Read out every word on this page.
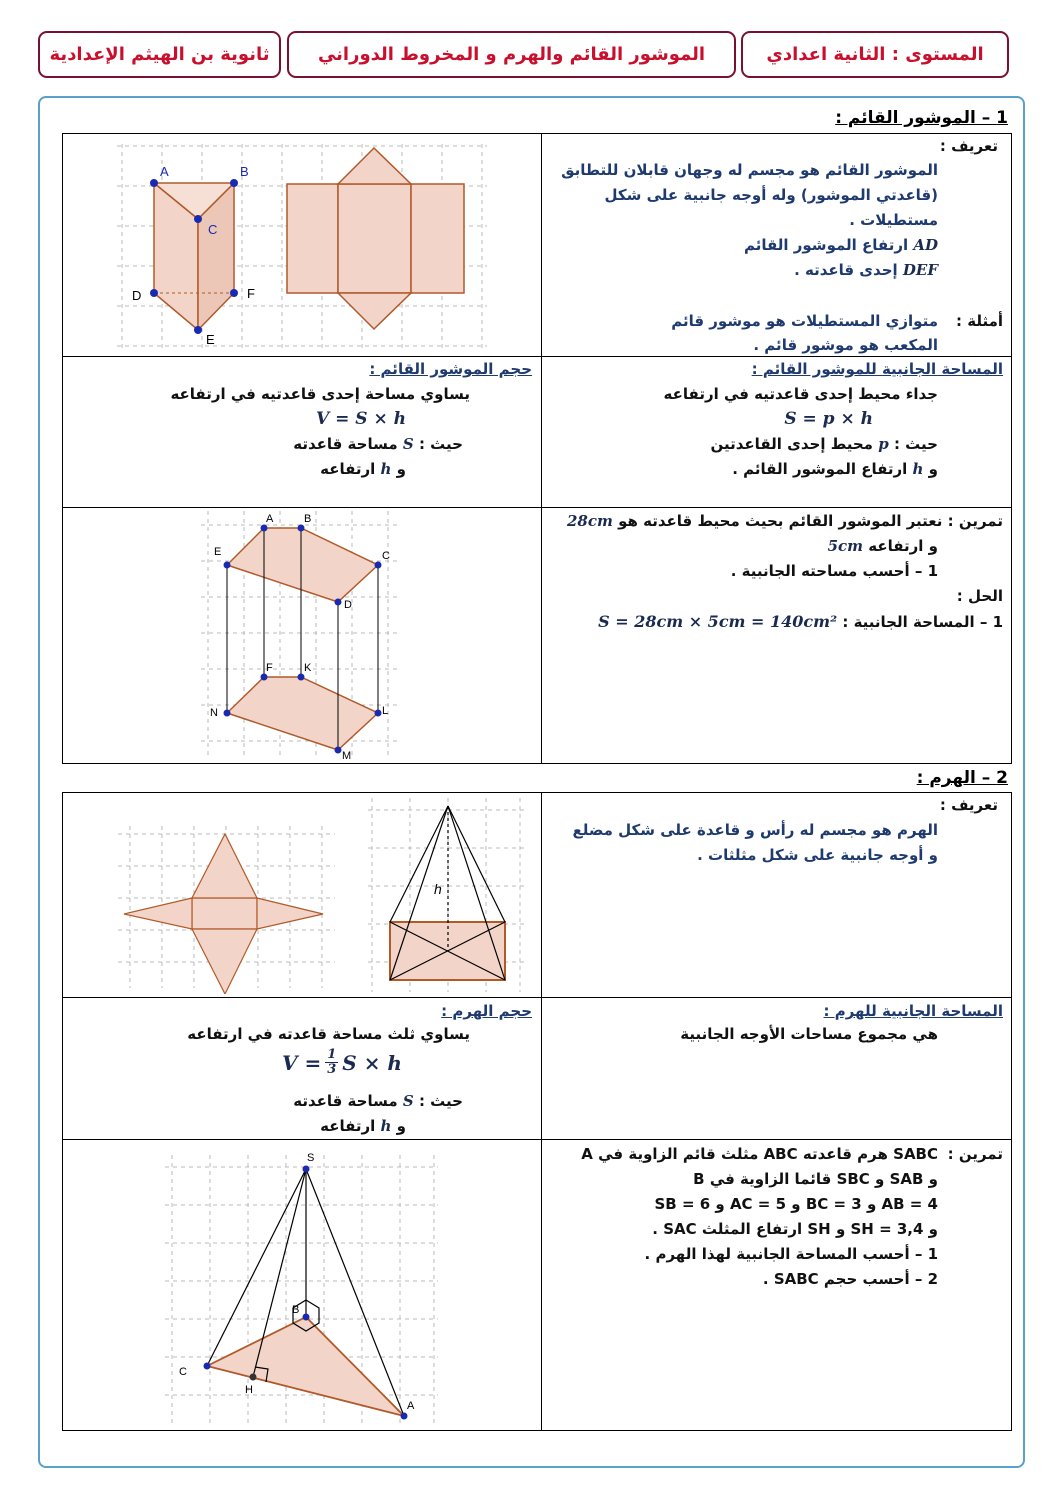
المستوى : الثانية اعدادي
الموشور القائم والهرم و المخروط الدوراني
ثانوية بن الهيثم الإعدادية
1 – الموشور القائم :
تعريف :
الموشور القائم هو مجسم له وجهان قابلان للتطابق
(قاعدتي الموشور) وله أوجه جانبية على شكل
مستطيلات .
AD ارتفاع الموشور القائم
DEF إحدى قاعدته .
أمثلة :
متوازي المستطيلات هو موشور قائم
المكعب هو موشور قائم .
A	B
C
D	F
E
المساحة الجانبية للموشور القائم :
جداء محيط إحدى قاعدتيه في ارتفاعه
S = p × h
حيث : p محيط إحدى القاعدتين
و h ارتفاع الموشور القائم .
حجم الموشور القائم :
يساوي مساحة إحدى قاعدتيه في ارتفاعه
V = S × h
حيث : S مساحة قاعدته
و h ارتفاعه
تمرين : نعتبر الموشور القائم بحيث محيط قاعدته هو 28cm
و ارتفاعه 5cm
1 – أحسب مساحته الجانبية .
الحل :
1 – المساحة الجانبية : S = 28cm × 5cm = 140cm²
A	B
E	C
D
F	K
N	L
M
2 – الهرم :
تعريف :
الهرم هو مجسم له رأس و قاعدة على شكل مضلع
و أوجه جانبية على شكل مثلثات .
h
المساحة الجانبية للهرم :
هي مجموع مساحات الأوجه الجانبية
حجم الهرم :
يساوي ثلث مساحة قاعدته في ارتفاعه
$V = \frac{1}{3}$ S × h
حيث : S مساحة قاعدته
و h ارتفاعه
تمرين :
SABC هرم قاعدته ABC مثلث قائم الزاوية في A
و SAB و SBC قائما الزاوية في B
AB = 4 و BC = 3 و AC = 5 و SB = 6
و SH = 3,4 و SH ارتفاع المثلث SAC .
1 – أحسب المساحة الجانبية لهذا الهرم .
2 – أحسب حجم SABC .
S
B
C
H
A
